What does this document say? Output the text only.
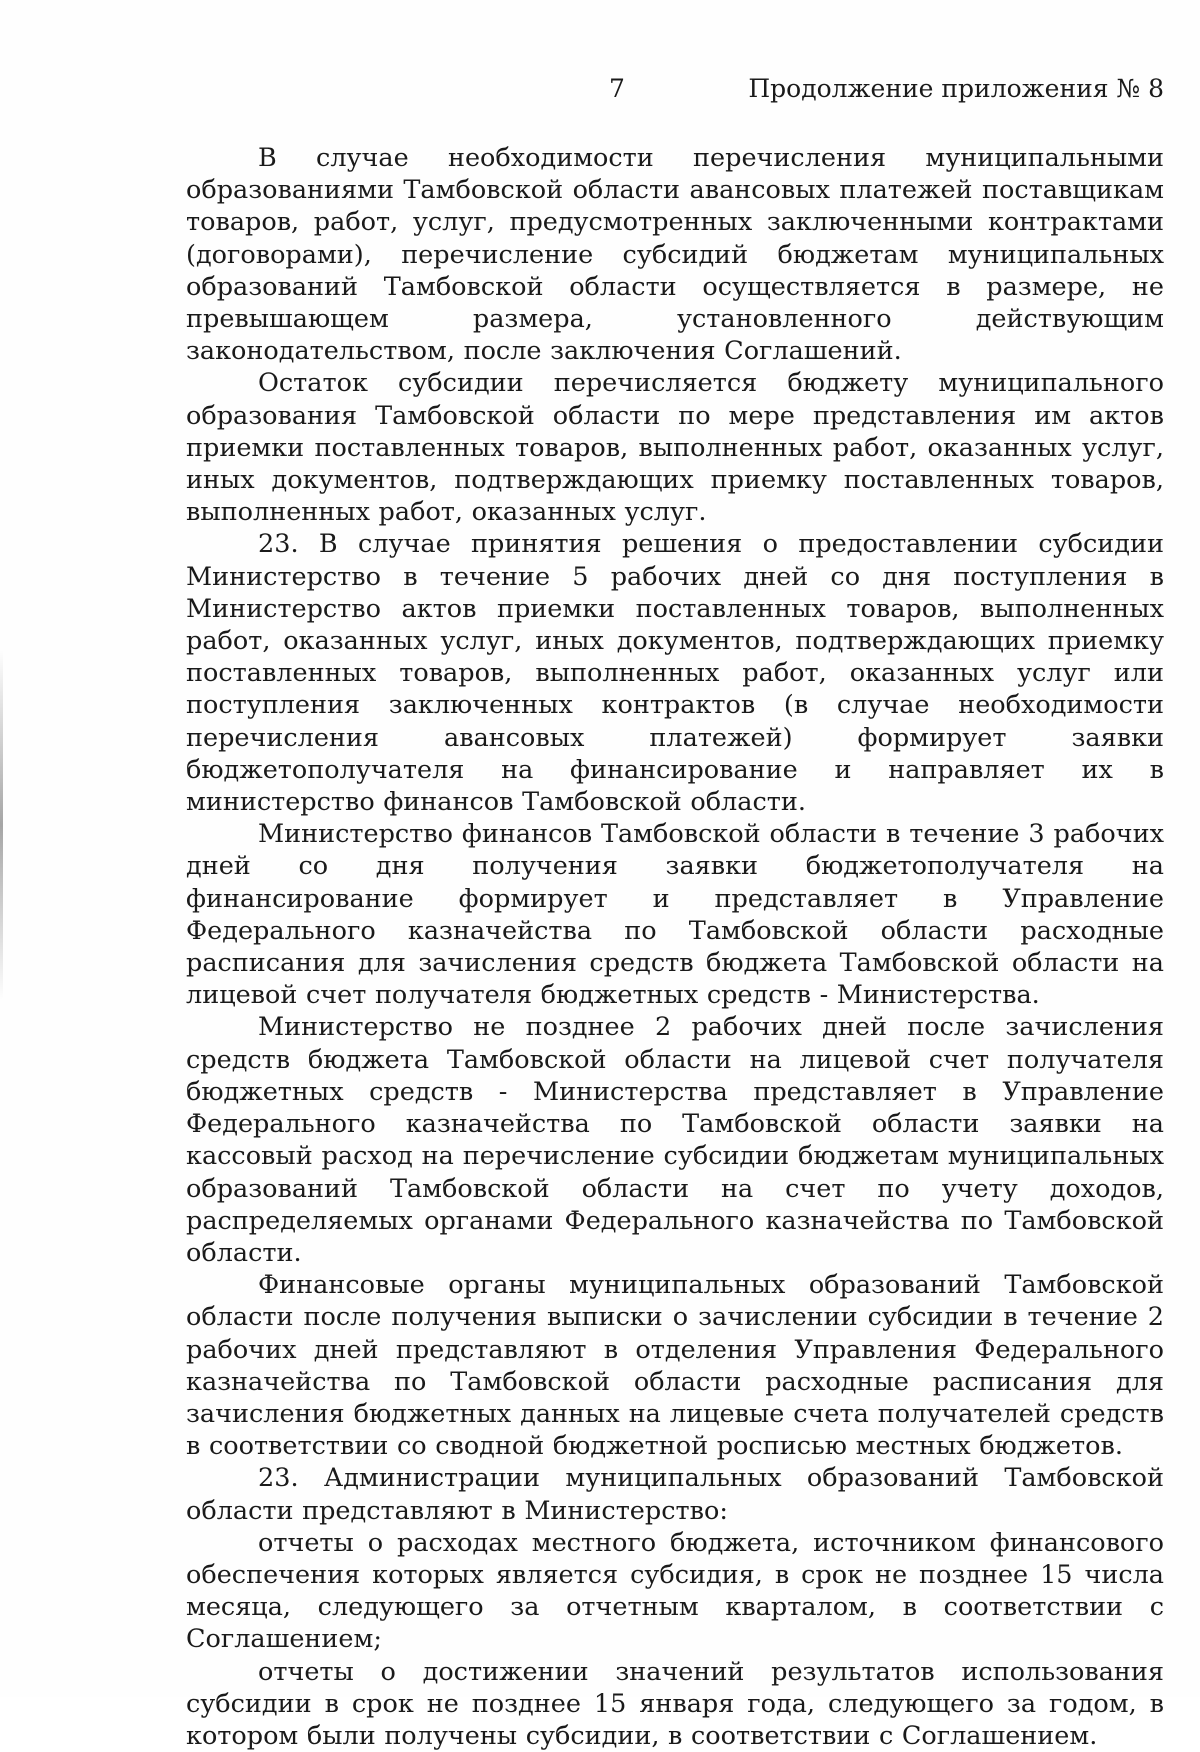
7	Продолжение приложения № 8

В случае необходимости перечисления муниципальными образованиями Тамбовской области авансовых платежей поставщикам товаров, работ, услуг, предусмотренных заключенными контрактами (договорами), перечисление субсидий бюджетам муниципальных образований Тамбовской области осуществляется в размере, не превышающем размера, установленного действующим законодательством, после заключения Соглашений.

Остаток субсидии перечисляется бюджету муниципального образования Тамбовской области по мере представления им актов приемки поставленных товаров, выполненных работ, оказанных услуг, иных документов, подтверждающих приемку поставленных товаров, выполненных работ, оказанных услуг.

23. В случае принятия решения о предоставлении субсидии Министерство в течение 5 рабочих дней со дня поступления в Министерство актов приемки поставленных товаров, выполненных работ, оказанных услуг, иных документов, подтверждающих приемку поставленных товаров, выполненных работ, оказанных услуг или поступления заключенных контрактов (в случае необходимости перечисления авансовых платежей) формирует заявки бюджетополучателя на финансирование и направляет их в министерство финансов Тамбовской области.

Министерство финансов Тамбовской области в течение 3 рабочих дней со дня получения заявки бюджетополучателя на финансирование формирует и представляет в Управление Федерального казначейства по Тамбовской области расходные расписания для зачисления средств бюджета Тамбовской области на лицевой счет получателя бюджетных средств - Министерства.

Министерство не позднее 2 рабочих дней после зачисления средств бюджета Тамбовской области на лицевой счет получателя бюджетных средств - Министерства представляет в Управление Федерального казначейства по Тамбовской области заявки на кассовый расход на перечисление субсидии бюджетам муниципальных образований Тамбовской области на счет по учету доходов, распределяемых органами Федерального казначейства по Тамбовской области.

Финансовые органы муниципальных образований Тамбовской области после получения выписки о зачислении субсидии в течение 2 рабочих дней представляют в отделения Управления Федерального казначейства по Тамбовской области расходные расписания для зачисления бюджетных данных на лицевые счета получателей средств в соответствии со сводной бюджетной росписью местных бюджетов.

23. Администрации муниципальных образований Тамбовской области представляют в Министерство:

отчеты о расходах местного бюджета, источником финансового обеспечения которых является субсидия, в срок не позднее 15 числа месяца, следующего за отчетным кварталом, в соответствии с Соглашением;

отчеты о достижении значений результатов использования субсидии в срок не позднее 15 января года, следующего за годом, в котором были получены субсидии, в соответствии с Соглашением.
